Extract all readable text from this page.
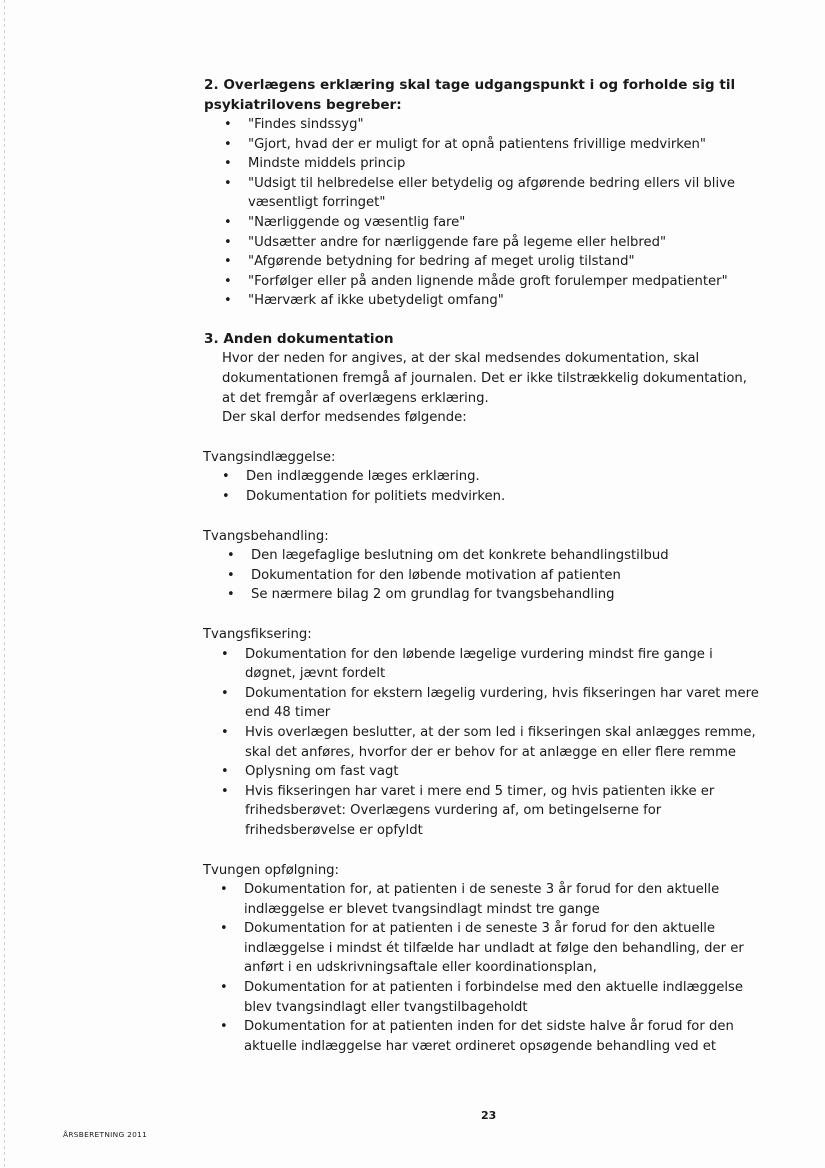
2. Overlægens erklæring skal tage udgangspunkt i og forholde sig til
psykiatrilovens begreber:
• "Findes sindssyg"
• "Gjort, hvad der er muligt for at opnå patientens frivillige medvirken"
• Mindste middels princip
• "Udsigt til helbredelse eller betydelig og afgørende bedring ellers vil blive væsentligt forringet"
• "Nærliggende og væsentlig fare"
• "Udsætter andre for nærliggende fare på legeme eller helbred"
• "Afgørende betydning for bedring af meget urolig tilstand"
• "Forfølger eller på anden lignende måde groft forulemper medpatienter"
• "Hærværk af ikke ubetydeligt omfang"
3. Anden dokumentation
Hvor der neden for angives, at der skal medsendes dokumentation, skal dokumentationen fremgå af journalen. Det er ikke tilstrækkelig dokumentation, at det fremgår af overlægens erklæring.
Der skal derfor medsendes følgende:
Tvangsindlæggelse:
• Den indlæggende læges erklæring.
• Dokumentation for politiets medvirken.
Tvangsbehandling:
• Den lægefaglige beslutning om det konkrete behandlingstilbud
• Dokumentation for den løbende motivation af patienten
• Se nærmere bilag 2 om grundlag for tvangsbehandling
Tvangsfiksering:
• Dokumentation for den løbende lægelige vurdering mindst fire gange i døgnet, jævnt fordelt
• Dokumentation for ekstern lægelig vurdering, hvis fikseringen har varet mere end 48 timer
• Hvis overlægen beslutter, at der som led i fikseringen skal anlægges remme, skal det anføres, hvorfor der er behov for at anlægge en eller flere remme
• Oplysning om fast vagt
• Hvis fikseringen har varet i mere end 5 timer, og hvis patienten ikke er frihedsberøvet: Overlægens vurdering af, om betingelserne for frihedsberøvelse er opfyldt
Tvungen opfølgning:
• Dokumentation for, at patienten i de seneste 3 år forud for den aktuelle indlæggelse er blevet tvangsindlagt mindst tre gange
• Dokumentation for at patienten i de seneste 3 år forud for den aktuelle indlæggelse i mindst ét tilfælde har undladt at følge den behandling, der er anført i en udskrivningsaftale eller koordinationsplan,
• Dokumentation for at patienten i forbindelse med den aktuelle indlæggelse blev tvangsindlagt eller tvangstilbageholdt
• Dokumentation for at patienten inden for det sidste halve år forud for den aktuelle indlæggelse har været ordineret opsøgende behandling ved et
23
ÅRSBERETNING 2011
